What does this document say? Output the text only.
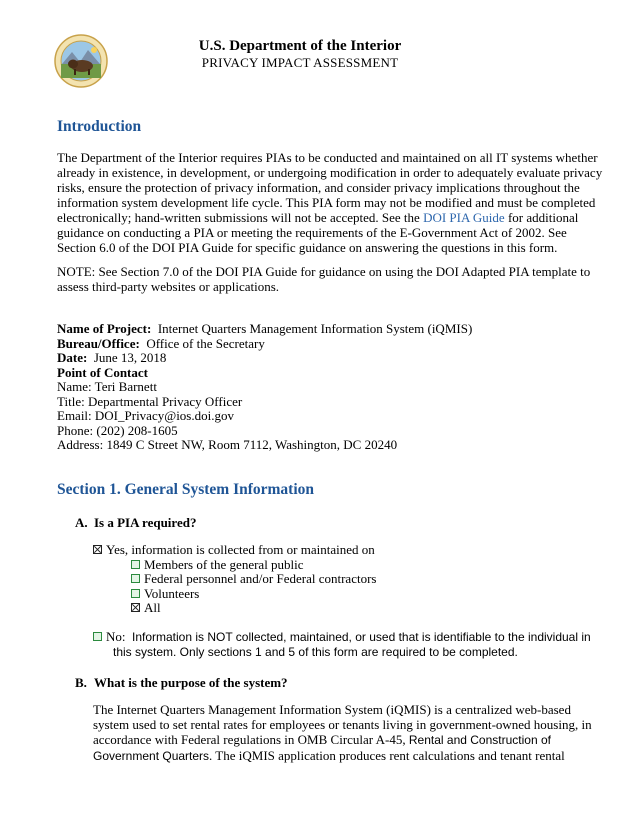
U.S. Department of the Interior
PRIVACY IMPACT ASSESSMENT
Introduction

The Department of the Interior requires PIAs to be conducted and maintained on all IT systems whether

already in existence, in development, or undergoing modification in order to adequately evaluate privacy

risks, ensure the protection of privacy information, and consider privacy implications throughout the

information system development life cycle. This PIA form may not be modified and must be completed

electronically; hand-written submissions will not be accepted. See the DOI PIA Guide for additional

guidance on conducting a PIA or meeting the requirements of the E-Government Act of 2002. See

Section 6.0 of the DOI PIA Guide for specific guidance on answering the questions in this form.

NOTE: See Section 7.0 of the DOI PIA Guide for guidance on using the DOI Adapted PIA template to

assess third-party websites or applications.

Name of Project: Internet Quarters Management Information System (iQMIS)
Bureau/Office: Office of the Secretary
Date: June 13, 2018
Point of Contact
Name: Teri Barnett
Title: Departmental Privacy Officer
Email: DOI_Privacy@ios.doi.gov
Phone: (202) 208-1605
Address: 1849 C Street NW, Room 7112, Washington, DC 20240
Section 1. General System Information
A. Is a PIA required?
Yes, information is collected from or maintained on
Members of the general public
Federal personnel and/or Federal contractors
Volunteers
All
No: Information is NOT collected, maintained, or used that is identifiable to the individual in
this system. Only sections 1 and 5 of this form are required to be completed.
B. What is the purpose of the system?

The Internet Quarters Management Information System (iQMIS) is a centralized web-based

system used to set rental rates for employees or tenants living in government-owned housing, in

accordance with Federal regulations in OMB Circular A-45, Rental and Construction of

Government Quarters. The iQMIS application produces rent calculations and tenant rental
